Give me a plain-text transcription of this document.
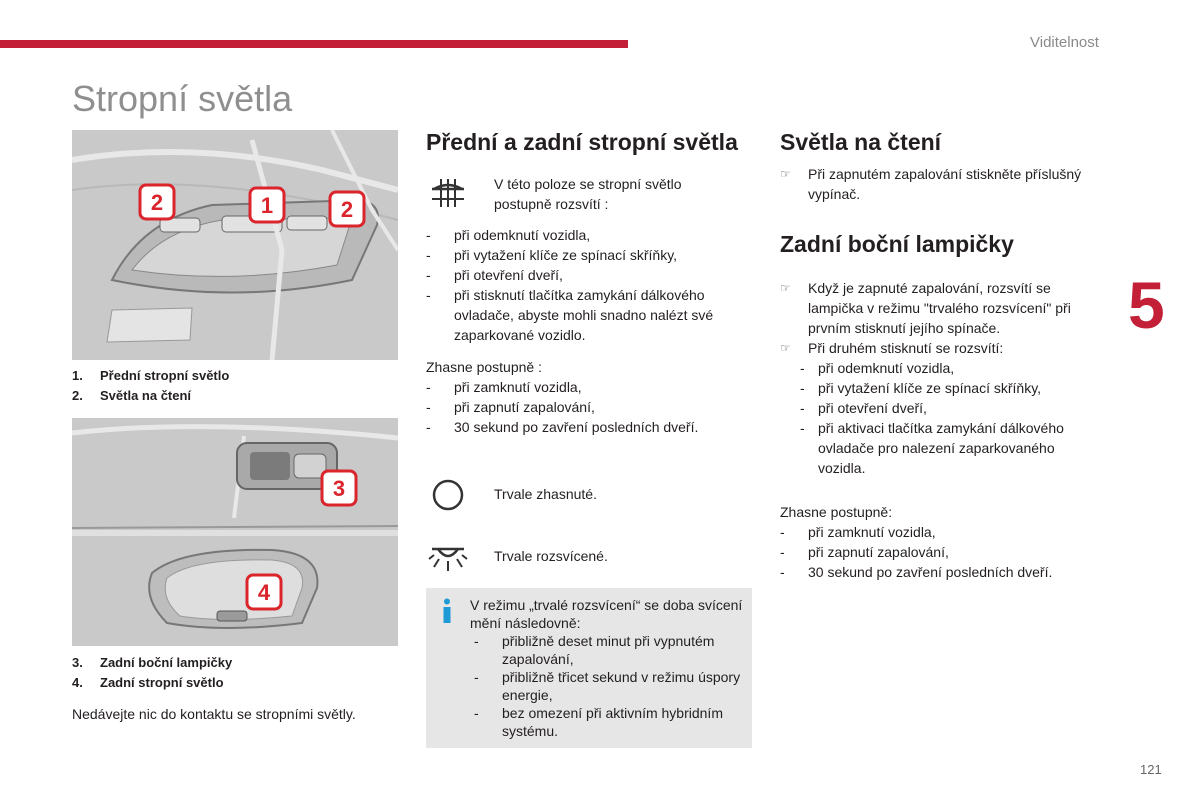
Viditelnost
5
121
Stropní světla
2	1	2
1. Přední stropní světlo
2. Světla na čtení
3
4
3. Zadní boční lampičky
4. Zadní stropní světlo
Nedávejte nic do kontaktu se stropními světly.
Přední a zadní stropní světla
V této poloze se stropní světlo postupně rozsvítí :
- při odemknutí vozidla,
- při vytažení klíče ze spínací skříňky,
- při otevření dveří,
- při stisknutí tlačítka zamykání dálkového ovladače, abyste mohli snadno nalézt své zaparkované vozidlo.
Zhasne postupně :
- při zamknutí vozidla,
- při zapnutí zapalování,
- 30 sekund po zavření posledních dveří.
Trvale zhasnuté.
Trvale rozsvícené.
V režimu „trvalé rozsvícení“ se doba svícení mění následovně:
- přibližně deset minut při vypnutém zapalování,
- přibližně třicet sekund v režimu úspory energie,
- bez omezení při aktivním hybridním systému.
Světla na čtení
☞ Při zapnutém zapalování stiskněte příslušný vypínač.
Zadní boční lampičky
☞ Když je zapnuté zapalování, rozsvítí se lampička v režimu "trvalého rozsvícení" při prvním stisknutí jejího spínače.
☞ Při druhém stisknutí se rozsvítí:
- při odemknutí vozidla,
- při vytažení klíče ze spínací skříňky,
- při otevření dveří,
- při aktivaci tlačítka zamykání dálkového ovladače pro nalezení zaparkovaného vozidla.
Zhasne postupně:
- při zamknutí vozidla,
- při zapnutí zapalování,
- 30 sekund po zavření posledních dveří.
